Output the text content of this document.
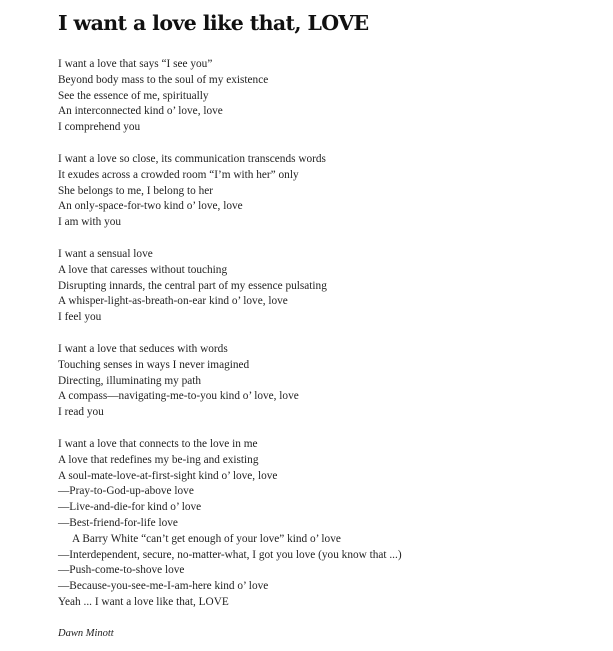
I want a love like that, LOVE
I want a love that says “I see you”
Beyond body mass to the soul of my existence
See the essence of me, spiritually
An interconnected kind o’ love, love
I comprehend you
I want a love so close, its communication transcends words
It exudes across a crowded room “I’m with her” only
She belongs to me, I belong to her
An only-space-for-two kind o’ love, love
I am with you
I want a sensual love
A love that caresses without touching
Disrupting innards, the central part of my essence pulsating
A whisper-light-as-breath-on-ear kind o’ love, love
I feel you
I want a love that seduces with words
Touching senses in ways I never imagined
Directing, illuminating my path
A compass—navigating-me-to-you kind o’ love, love
I read you
I want a love that connects to the love in me
A love that redefines my be-ing and existing
A soul-mate-love-at-first-sight kind o’ love, love
—Pray-to-God-up-above love
—Live-and-die-for kind o’ love
—Best-friend-for-life love
A Barry White “can’t get enough of your love” kind o’ love
—Interdependent, secure, no-matter-what, I got you love (you know that ...)
—Push-come-to-shove love
—Because-you-see-me-I-am-here kind o’ love
Yeah ... I want a love like that, LOVE
Dawn Minott
